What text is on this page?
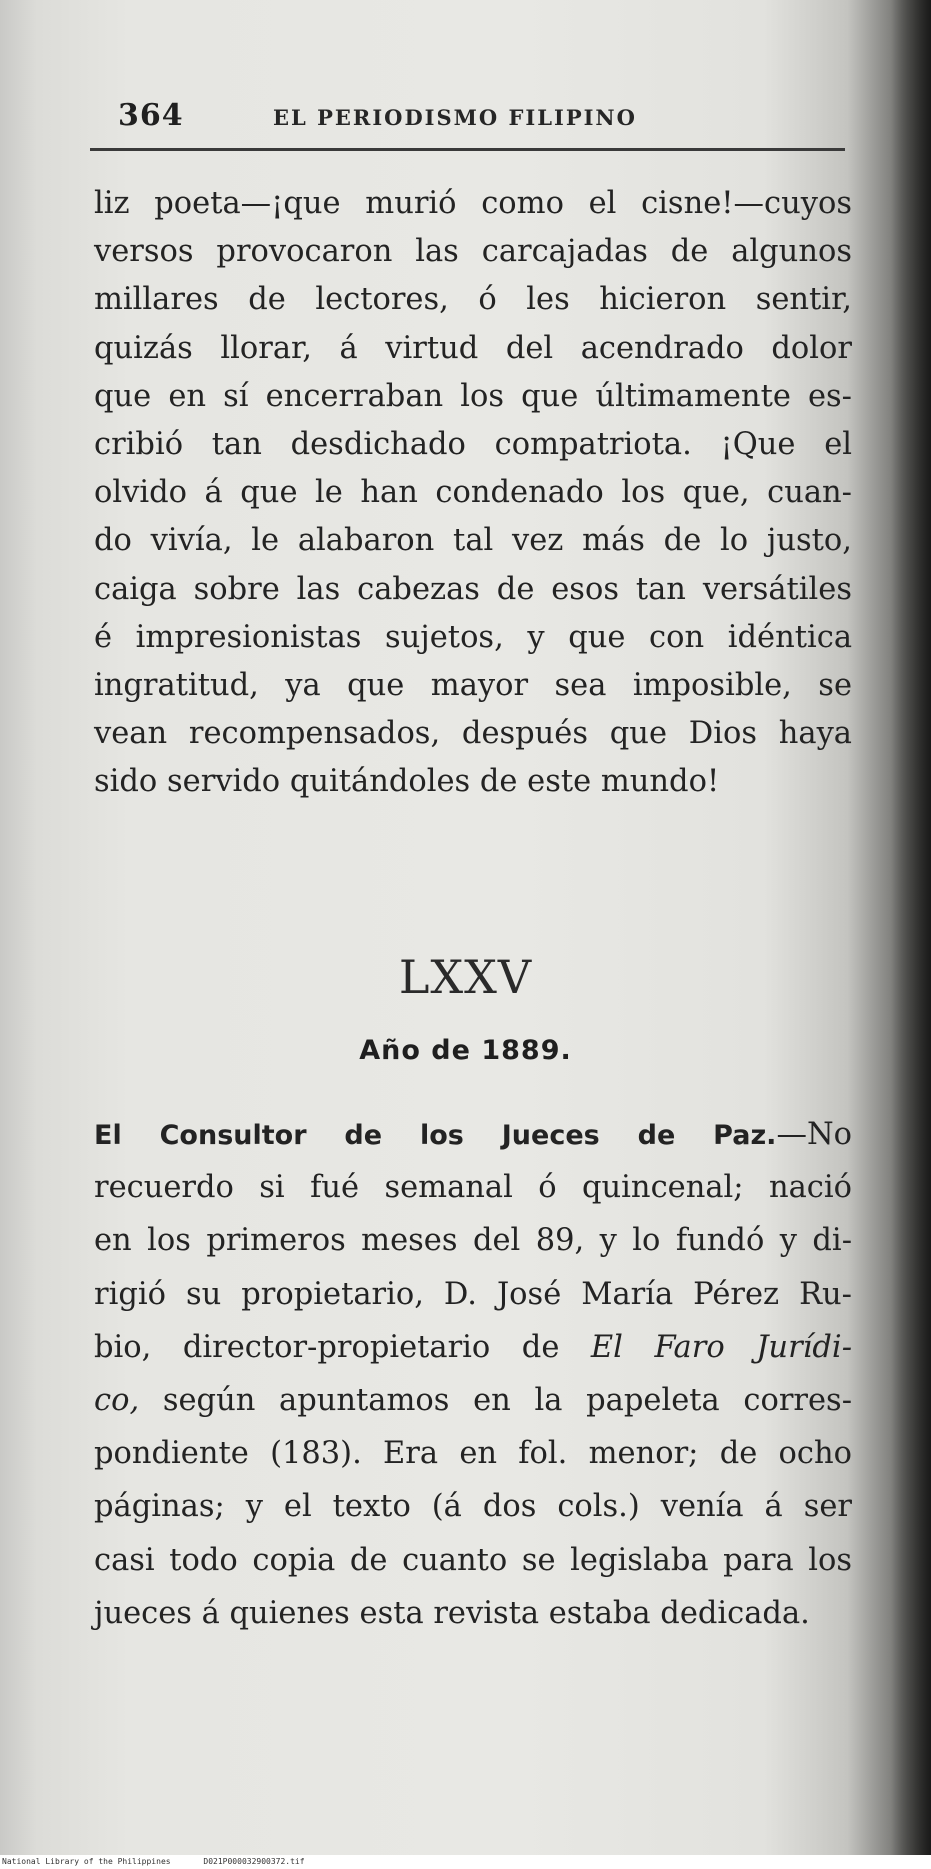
364	EL PERIODISMO FILIPINO

liz poeta—¡que murió como el cisne!—cuyos
versos provocaron las carcajadas de algunos
millares de lectores, ó les hicieron sentir,
quizás llorar, á virtud del acendrado dolor
que en sí encerraban los que últimamente es-
cribió tan desdichado compatriota. ¡Que el
olvido á que le han condenado los que, cuan-
do vivía, le alabaron tal vez más de lo justo,
caiga sobre las cabezas de esos tan versátiles
é impresionistas sujetos, y que con idéntica
ingratitud, ya que mayor sea imposible, se
vean recompensados, después que Dios haya
sido servido quitándoles de este mundo!

LXXV
Año de 1889.

El Consultor de los Jueces de Paz.—No
recuerdo si fué semanal ó quincenal; nació
en los primeros meses del 89, y lo fundó y di-
rigió su propietario, D. José María Pérez Ru-
bio, director-propietario de El Faro Jurídi-
co, según apuntamos en la papeleta corres-
pondiente (183). Era en fol. menor; de ocho
páginas; y el texto (á dos cols.) venía á ser
casi todo copia de cuanto se legislaba para los
jueces á quienes esta revista estaba dedicada.

National Library of the Philippines	D021P000032900372.tif
